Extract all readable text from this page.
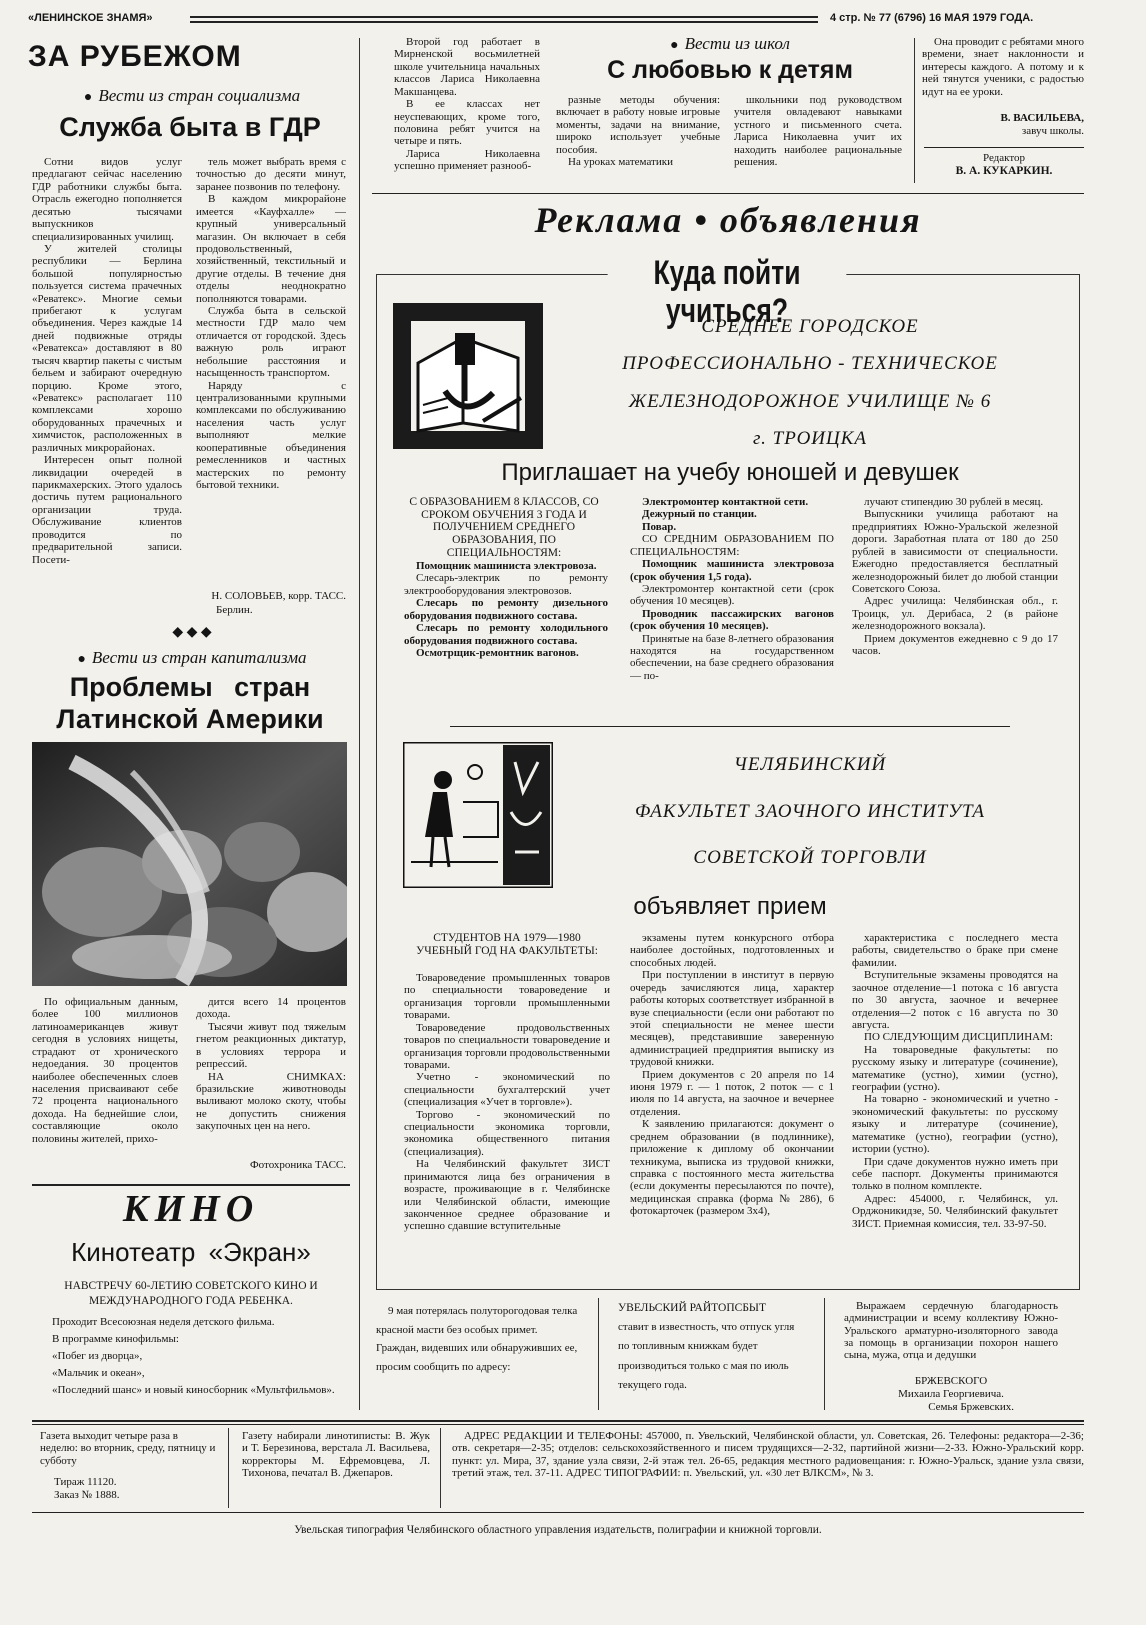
«ЛЕНИНСКОЕ ЗНАМЯ»	4 стр. № 77 (6796) 16 МАЯ 1979 ГОДА.
ЗА РУБЕЖОМ
● Вести из стран социализма
Служба быта в ГДР

Сотни видов услуг предлагают сейчас населению ГДР работники службы быта. Отрасль ежегодно пополняется десятью тысячами выпускников специализированных училищ.

У жителей столицы республики — Берлина большой популярностью пользуется система прачечных «Реватекс». Многие семьи прибегают к услугам объединения. Через каждые 14 дней подвижные отряды «Реватекса» доставляют в 80 тысяч квартир пакеты с чистым бельем и забирают очередную порцию. Кроме этого, «Реватекс» располагает 110 комплексами хорошо оборудованных прачечных и химчисток, расположенных в различных микрорайонах.

Интересен опыт полной ликвидации очередей в парикмахерских. Этого удалось достичь путем рационального организации труда. Обслуживание клиентов проводится по предварительной записи. Посети-

тель может выбрать время с точностью до десяти минут, заранее позвонив по телефону.

В каждом микрорайоне имеется «Кауфхалле» — крупный универсальный магазин. Он включает в себя продовольственный, хозяйственный, текстильный и другие отделы. В течение дня отделы неоднократно пополняются товарами.

Служба быта в сельской местности ГДР мало чем отличается от городской. Здесь важную роль играют небольшие расстояния и насыщенность транспортом.

Наряду с централизованными крупными комплексами по обслуживанию населения часть услуг выполняют мелкие кооперативные объединения ремесленников и частных мастерских по ремонту бытовой техники.

Н. СОЛОВЬЕВ, корр. ТАСС.
Берлин.
◆ ◆ ◆
● Вести из стран капитализма
Проблемы стран
Латинской Америки

По официальным данным, более 100 миллионов латиноамериканцев живут сегодня в условиях нищеты, страдают от хронического недоедания. 30 процентов наиболее обеспеченных слоев населения присваивают себе 72 процента национального дохода. На беднейшие слои, составляющие около половины жителей, прихо-

дится всего 14 процентов дохода.

Тысячи живут под тяжелым гнетом реакционных диктатур, в условиях террора и репрессий.

НА СНИМКАХ: бразильские животноводы выливают молоко скоту, чтобы не допустить снижения закупочных цен на него.

Фотохроника ТАСС.
КИНО
Кинотеатр «Экран»
НАВСТРЕЧУ 60-ЛЕТИЮ СОВЕТСКОГО КИНО И
МЕЖДУНАРОДНОГО ГОДА РЕБЕНКА.

Проходит Всесоюзная неделя детского фильма.

В программе кинофильмы:

«Побег из дворца»,

«Мальчик и океан»,

«Последний шанс» и новый киносборник «Мультфильмов».

Второй год работает в Мирненской восьмилетней школе учительница начальных классов Лариса Николаевна Макшанцева.

В ее классах нет неуспевающих, кроме того, половина ребят учится на четыре и пять.

Лариса Николаевна успешно применяет разнооб-

● Вести из школ
С любовью к детям

разные методы обучения: включает в работу новые игровые моменты, задачи на внимание, широко использует учебные пособия.

На уроках математики

школьники под руководством учителя овладевают навыками устного и письменного счета. Лариса Николаевна учит их находить наиболее рациональные решения.

Она проводит с ребятами много времени, знает наклонности и интересы каждого. А потому и к ней тянутся ученики, с радостью идут на ее уроки.

В. ВАСИЛЬЕВА,
завуч школы.
Редактор
В. А. КУКАРКИН.
Реклама • объявления
Куда пойти учиться?
СРЕДНЕЕ ГОРОДСКОЕ
ПРОФЕССИОНАЛЬНО - ТЕХНИЧЕСКОЕ
ЖЕЛЕЗНОДОРОЖНОЕ УЧИЛИЩЕ № 6
г. ТРОИЦКА
Приглашает на учебу юношей и девушек
С ОБРАЗОВАНИЕМ 8 КЛАССОВ, СО СРОКОМ ОБУЧЕНИЯ 3 ГОДА И ПОЛУЧЕНИЕМ СРЕДНЕГО ОБРАЗОВАНИЯ, ПО СПЕЦИАЛЬНОСТЯМ:

Помощник машиниста электровоза.

Слесарь-электрик по ремонту электрооборудования электровозов.

Слесарь по ремонту дизельного оборудования подвижного состава.

Слесарь по ремонту холодильного оборудования подвижного состава.

Осмотрщик-ремонтник вагонов.

Электромонтер контактной сети.

Дежурный по станции.

Повар.

СО СРЕДНИМ ОБРАЗОВАНИЕМ ПО СПЕЦИАЛЬНОСТЯМ:

Помощник машиниста электровоза (срок обучения 1,5 года).

Электромонтер контактной сети (срок обучения 10 месяцев).

Проводник пассажирских вагонов (срок обучения 10 месяцев).

Принятые на базе 8-летнего образования находятся на государственном обеспечении, на базе среднего образования — по-

лучают стипендию 30 рублей в месяц.

Выпускники училища работают на предприятиях Южно-Уральской железной дороги. Заработная плата от 180 до 250 рублей в зависимости от специальности. Ежегодно предоставляется бесплатный железнодорожный билет до любой станции Советского Союза.

Адрес училища: Челябинская обл., г. Троицк, ул. Дерибаса, 2 (в районе железнодорожного вокзала).

Прием документов ежедневно с 9 до 17 часов.

ЧЕЛЯБИНСКИЙ
ФАКУЛЬТЕТ ЗАОЧНОГО ИНСТИТУТА
СОВЕТСКОЙ ТОРГОВЛИ
объявляет прием
СТУДЕНТОВ НА 1979—1980 УЧЕБНЫЙ ГОД НА ФАКУЛЬТЕТЫ:

Товароведение промышленных товаров по специальности товароведение и организация торговли промышленными товарами.

Товароведение продовольственных товаров по специальности товароведение и организация торговли продовольственными товарами.

Учетно - экономический по специальности бухгалтерский учет (специализация «Учет в торговле»).

Торгово - экономический по специальности экономика торговли, экономика общественного питания (специализация).

На Челябинский факультет ЗИСТ принимаются лица без ограничения в возрасте, проживающие в г. Челябинске или Челябинской области, имеющие законченное среднее образование и успешно сдавшие вступительные

экзамены путем конкурсного отбора наиболее достойных, подготовленных и способных людей.

При поступлении в институт в первую очередь зачисляются лица, характер работы которых соответствует избранной в вузе специальности (если они работают по этой специальности не менее шести месяцев), представившие заверенную администрацией предприятия выписку из трудовой книжки.

Прием документов с 20 апреля по 14 июня 1979 г. — 1 поток, 2 поток — с 1 июля по 14 августа, на заочное и вечернее отделения.

К заявлению прилагаются: документ о среднем образовании (в подлиннике), приложение к диплому об окончании техникума, выписка из трудовой книжки, справка с постоянного места жительства (если документы пересылаются по почте), медицинская справка (форма № 286), 6 фотокарточек (размером 3х4),

характеристика с последнего места работы, свидетельство о браке при смене фамилии.

Вступительные экзамены проводятся на заочное отделение—1 потока с 16 августа по 30 августа, заочное и вечернее отделения—2 поток с 16 августа по 30 августа.

ПО СЛЕДУЮЩИМ ДИСЦИПЛИНАМ:

На товароведные факультеты: по русскому языку и литературе (сочинение), математике (устно), химии (устно), географии (устно).

На товарно - экономический и учетно - экономический факультеты: по русскому языку и литературе (сочинение), математике (устно), географии (устно), истории (устно).

При сдаче документов нужно иметь при себе паспорт. Документы принимаются только в полном комплекте.

Адрес: 454000, г. Челябинск, ул. Орджоникидзе, 50. Челябинский факультет ЗИСТ. Приемная комиссия, тел. 33-97-50.

9 мая потерялась полуторогодовая телка красной масти без особых примет. Граждан, видевших или обнаруживших ее, просим сообщить по адресу:

УВЕЛЬСКИЙ РАЙТОПСБЫТ

ставит в известность, что отпуск угля по топливным книжкам будет производиться только с мая по июль текущего года.

Выражаем сердечную благодарность администрации и всему коллективу Южно-Уральского арматурно-изоляторного завода за помощь в организации похорон нашего сына, мужа, отца и дедушки

БРЖЕВСКОГО
Михаила Георгиевича.
Семья Бржевских.

Газета выходит четыре раза в неделю: во вторник, среду, пятницу и субботу

Тираж 11120.
Заказ № 1888.

Газету набирали линотиписты: В. Жук и Т. Березинова, верстала Л. Васильева, корректоры М. Ефремовцева, Л. Тихонова, печатал В. Джепаров.

АДРЕС РЕДАКЦИИ И ТЕЛЕФОНЫ: 457000, п. Увельский, Челябинской области, ул. Советская, 26. Телефоны: редактора—2-36; отв. секретаря—2-35; отделов: сельскохозяйственного и писем трудящихся—2-32, партийной жизни—2-33. Южно-Уральский корр. пункт: ул. Мира, 37, здание узла связи, 2-й этаж тел. 26-65, редакция местного радиовещания: г. Южно-Уральск, здание узла связи, третий этаж, тел. 37-11. АДРЕС ТИПОГРАФИИ: п. Увельский, ул. «30 лет ВЛКСМ», № 3.

Увельская типография Челябинского областного управления издательств, полиграфии и книжной торговли.
